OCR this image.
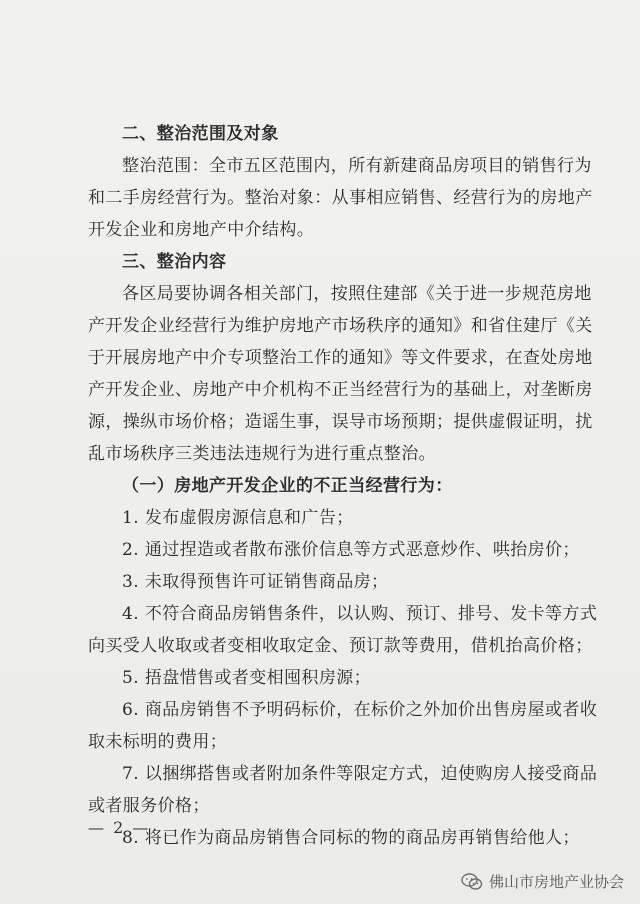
二、整治范围及对象
整治范围：全市五区范围内，所有新建商品房项目的销售行为
和二手房经营行为。整治对象：从事相应销售、经营行为的房地产
开发企业和房地产中介结构。
三、整治内容
各区局要协调各相关部门，按照住建部《关于进一步规范房地
产开发企业经营行为维护房地产市场秩序的通知》和省住建厅《关
于开展房地产中介专项整治工作的通知》等文件要求，在查处房地
产开发企业、房地产中介机构不正当经营行为的基础上，对垄断房
源，操纵市场价格；造谣生事，误导市场预期；提供虚假证明，扰
乱市场秩序三类违法违规行为进行重点整治。
（一）房地产开发企业的不正当经营行为：
1. 发布虚假房源信息和广告；
2. 通过捏造或者散布涨价信息等方式恶意炒作、哄抬房价；
3. 未取得预售许可证销售商品房；
4. 不符合商品房销售条件，以认购、预订、排号、发卡等方式
向买受人收取或者变相收取定金、预订款等费用，借机抬高价格；
5. 捂盘惜售或者变相囤积房源；
6. 商品房销售不予明码标价，在标价之外加价出售房屋或者收
取未标明的费用；
7. 以捆绑搭售或者附加条件等限定方式，迫使购房人接受商品
或者服务价格；
8. 将已作为商品房销售合同标的物的商品房再销售给他人；
— 2 —
佛山市房地产业协会
